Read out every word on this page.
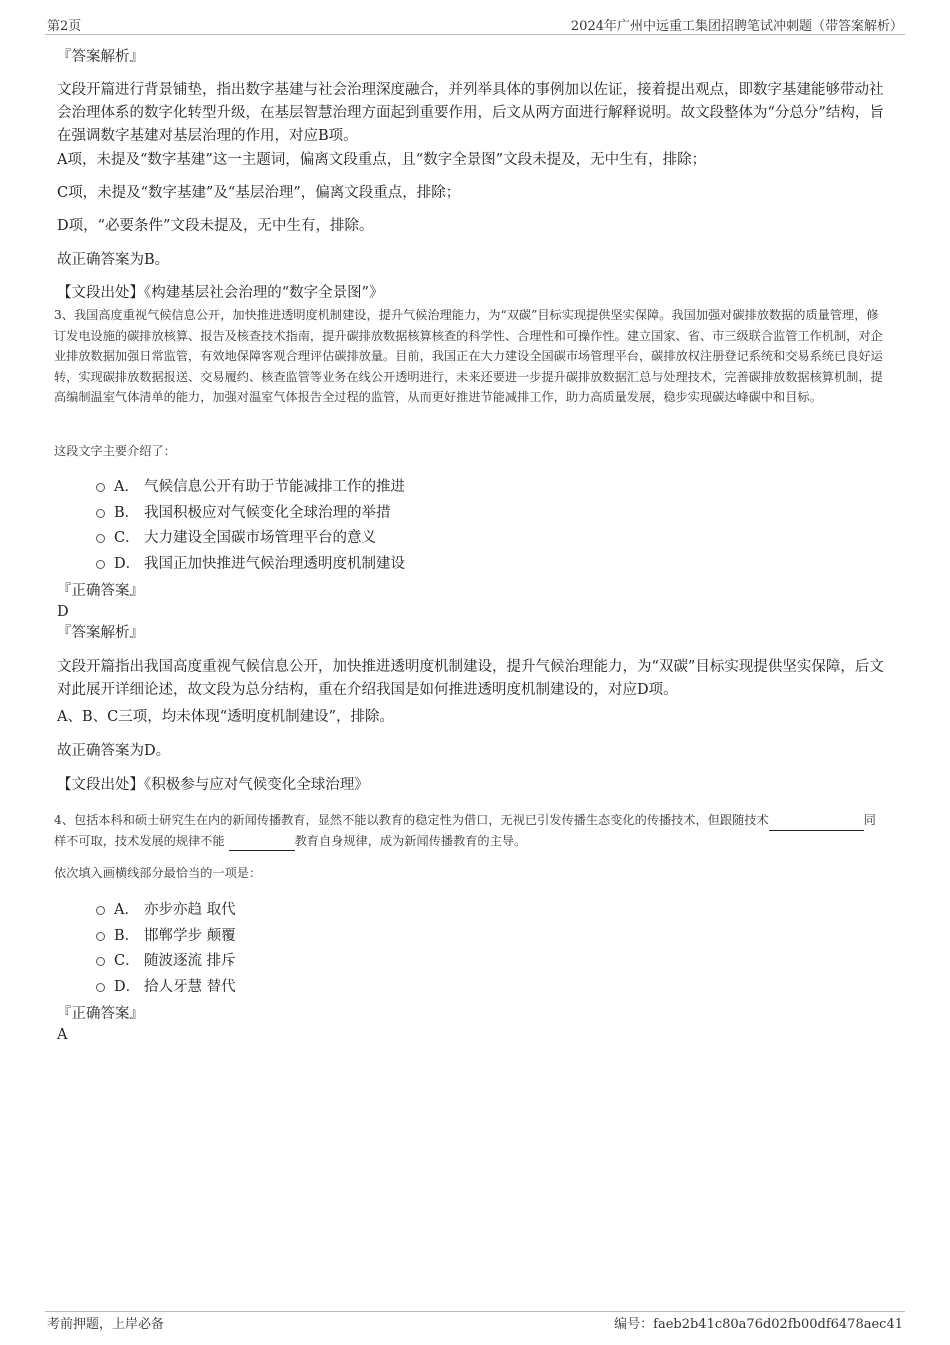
第2页	2024年广州中远重工集团招聘笔试冲刺题（带答案解析）
『答案解析』
文段开篇进行背景铺垫，指出数字基建与社会治理深度融合，并列举具体的事例加以佐证，接着提出观点，即数字基建能够带动社会治理体系的数字化转型升级，在基层智慧治理方面起到重要作用，后文从两方面进行解释说明。故文段整体为“分总分”结构，旨在强调数字基建对基层治理的作用，对应B项。
A项，未提及“数字基建”这一主题词，偏离文段重点，且“数字全景图”文段未提及，无中生有，排除；
C项，未提及“数字基建”及“基层治理”，偏离文段重点，排除；
D项，“必要条件”文段未提及，无中生有，排除。
故正确答案为B。
【文段出处】《构建基层社会治理的“数字全景图”》
3、我国高度重视气候信息公开，加快推进透明度机制建设，提升气候治理能力，为“双碳”目标实现提供坚实保障。我国加强对碳排放数据的质量管理，修订发电设施的碳排放核算、报告及核查技术指南，提升碳排放数据核算核查的科学性、合理性和可操作性。建立国家、省、市三级联合监管工作机制，对企业排放数据加强日常监管，有效地保障客观合理评估碳排放量。目前，我国正在大力建设全国碳市场管理平台，碳排放权注册登记系统和交易系统已良好运转，实现碳排放数据报送、交易履约、核查监管等业务在线公开透明进行，未来还要进一步提升碳排放数据汇总与处理技术，完善碳排放数据核算机制，提高编制温室气体清单的能力，加强对温室气体报告全过程的监管，从而更好推进节能减排工作，助力高质量发展，稳步实现碳达峰碳中和目标。
这段文字主要介绍了：
A． 气候信息公开有助于节能减排工作的推进
B． 我国积极应对气候变化全球治理的举措
C． 大力建设全国碳市场管理平台的意义
D． 我国正加快推进气候治理透明度机制建设
『正确答案』
D
『答案解析』
文段开篇指出我国高度重视气候信息公开，加快推进透明度机制建设，提升气候治理能力，为“双碳”目标实现提供坚实保障，后文对此展开详细论述，故文段为总分结构，重在介绍我国是如何推进透明度机制建设的，对应D项。
A、B、C三项，均未体现“透明度机制建设”，排除。
故正确答案为D。
【文段出处】《积极参与应对气候变化全球治理》
4、包括本科和硕士研究生在内的新闻传播教育，显然不能以教育的稳定性为借口，无视已引发传播生态变化的传播技术，但跟随技术	同样不可取，技术发展的规律不能	教育自身规律，成为新闻传播教育的主导。
依次填入画横线部分最恰当的一项是：
A． 亦步亦趋 取代
B． 邯郸学步 颠覆
C． 随波逐流 排斥
D． 拾人牙慧 替代
『正确答案』
A
考前押题，上岸必备	编号：faeb2b41c80a76d02fb00df6478aec41
